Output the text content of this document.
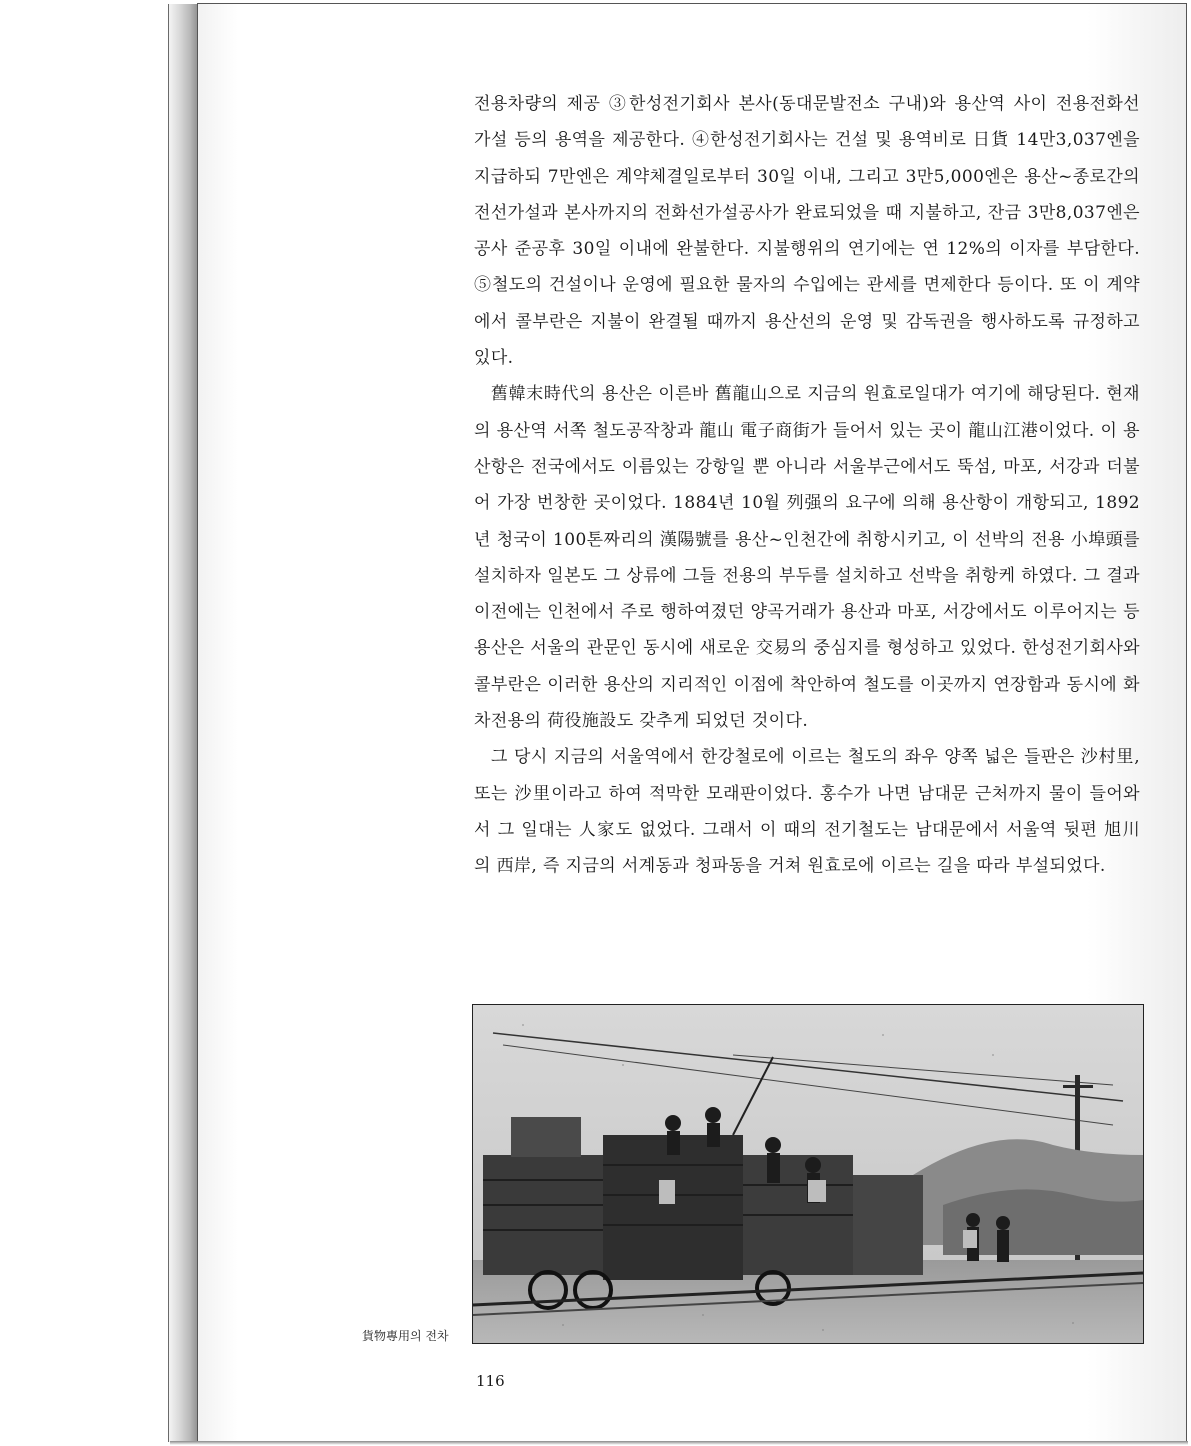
전용차량의 제공 ③한성전기회사 본사(동대문발전소 구내)와 용산역 사이 전용전화선 가설 등의 용역을 제공한다. ④한성전기회사는 건설 및 용역비로 日貨 14만3,037엔을 지급하되 7만엔은 계약체결일로부터 30일 이내, 그리고 3만5,000엔은 용산~종로간의 전선가설과 본사까지의 전화선가설공사가 완료되었을 때 지불하고, 잔금 3만8,037엔은 공사 준공후 30일 이내에 완불한다. 지불행위의 연기에는 연 12%의 이자를 부담한다. ⑤철도의 건설이나 운영에 필요한 물자의 수입에는 관세를 면제한다 등이다. 또 이 계약에서 콜부란은 지불이 완결될 때까지 용산선의 운영 및 감독권을 행사하도록 규정하고 있다.

舊韓末時代의 용산은 이른바 舊龍山으로 지금의 원효로일대가 여기에 해당된다. 현재의 용산역 서쪽 철도공작창과 龍山 電子商街가 들어서 있는 곳이 龍山江港이었다. 이 용산항은 전국에서도 이름있는 강항일 뿐 아니라 서울부근에서도 뚝섬, 마포, 서강과 더불어 가장 번창한 곳이었다. 1884년 10월 列强의 요구에 의해 용산항이 개항되고, 1892년 청국이 100톤짜리의 漢陽號를 용산~인천간에 취항시키고, 이 선박의 전용 小埠頭를 설치하자 일본도 그 상류에 그들 전용의 부두를 설치하고 선박을 취항케 하였다. 그 결과 이전에는 인천에서 주로 행하여졌던 양곡거래가 용산과 마포, 서강에서도 이루어지는 등 용산은 서울의 관문인 동시에 새로운 交易의 중심지를 형성하고 있었다. 한성전기회사와 콜부란은 이러한 용산의 지리적인 이점에 착안하여 철도를 이곳까지 연장함과 동시에 화차전용의 荷役施設도 갖추게 되었던 것이다.

그 당시 지금의 서울역에서 한강철로에 이르는 철도의 좌우 양쪽 넓은 들판은 沙村里, 또는 沙里이라고 하여 적막한 모래판이었다. 홍수가 나면 남대문 근처까지 물이 들어와서 그 일대는 人家도 없었다. 그래서 이 때의 전기철도는 남대문에서 서울역 뒷편 旭川의 西岸, 즉 지금의 서계동과 청파동을 거쳐 원효로에 이르는 길을 따라 부설되었다.

貨物專用의 전차
116
